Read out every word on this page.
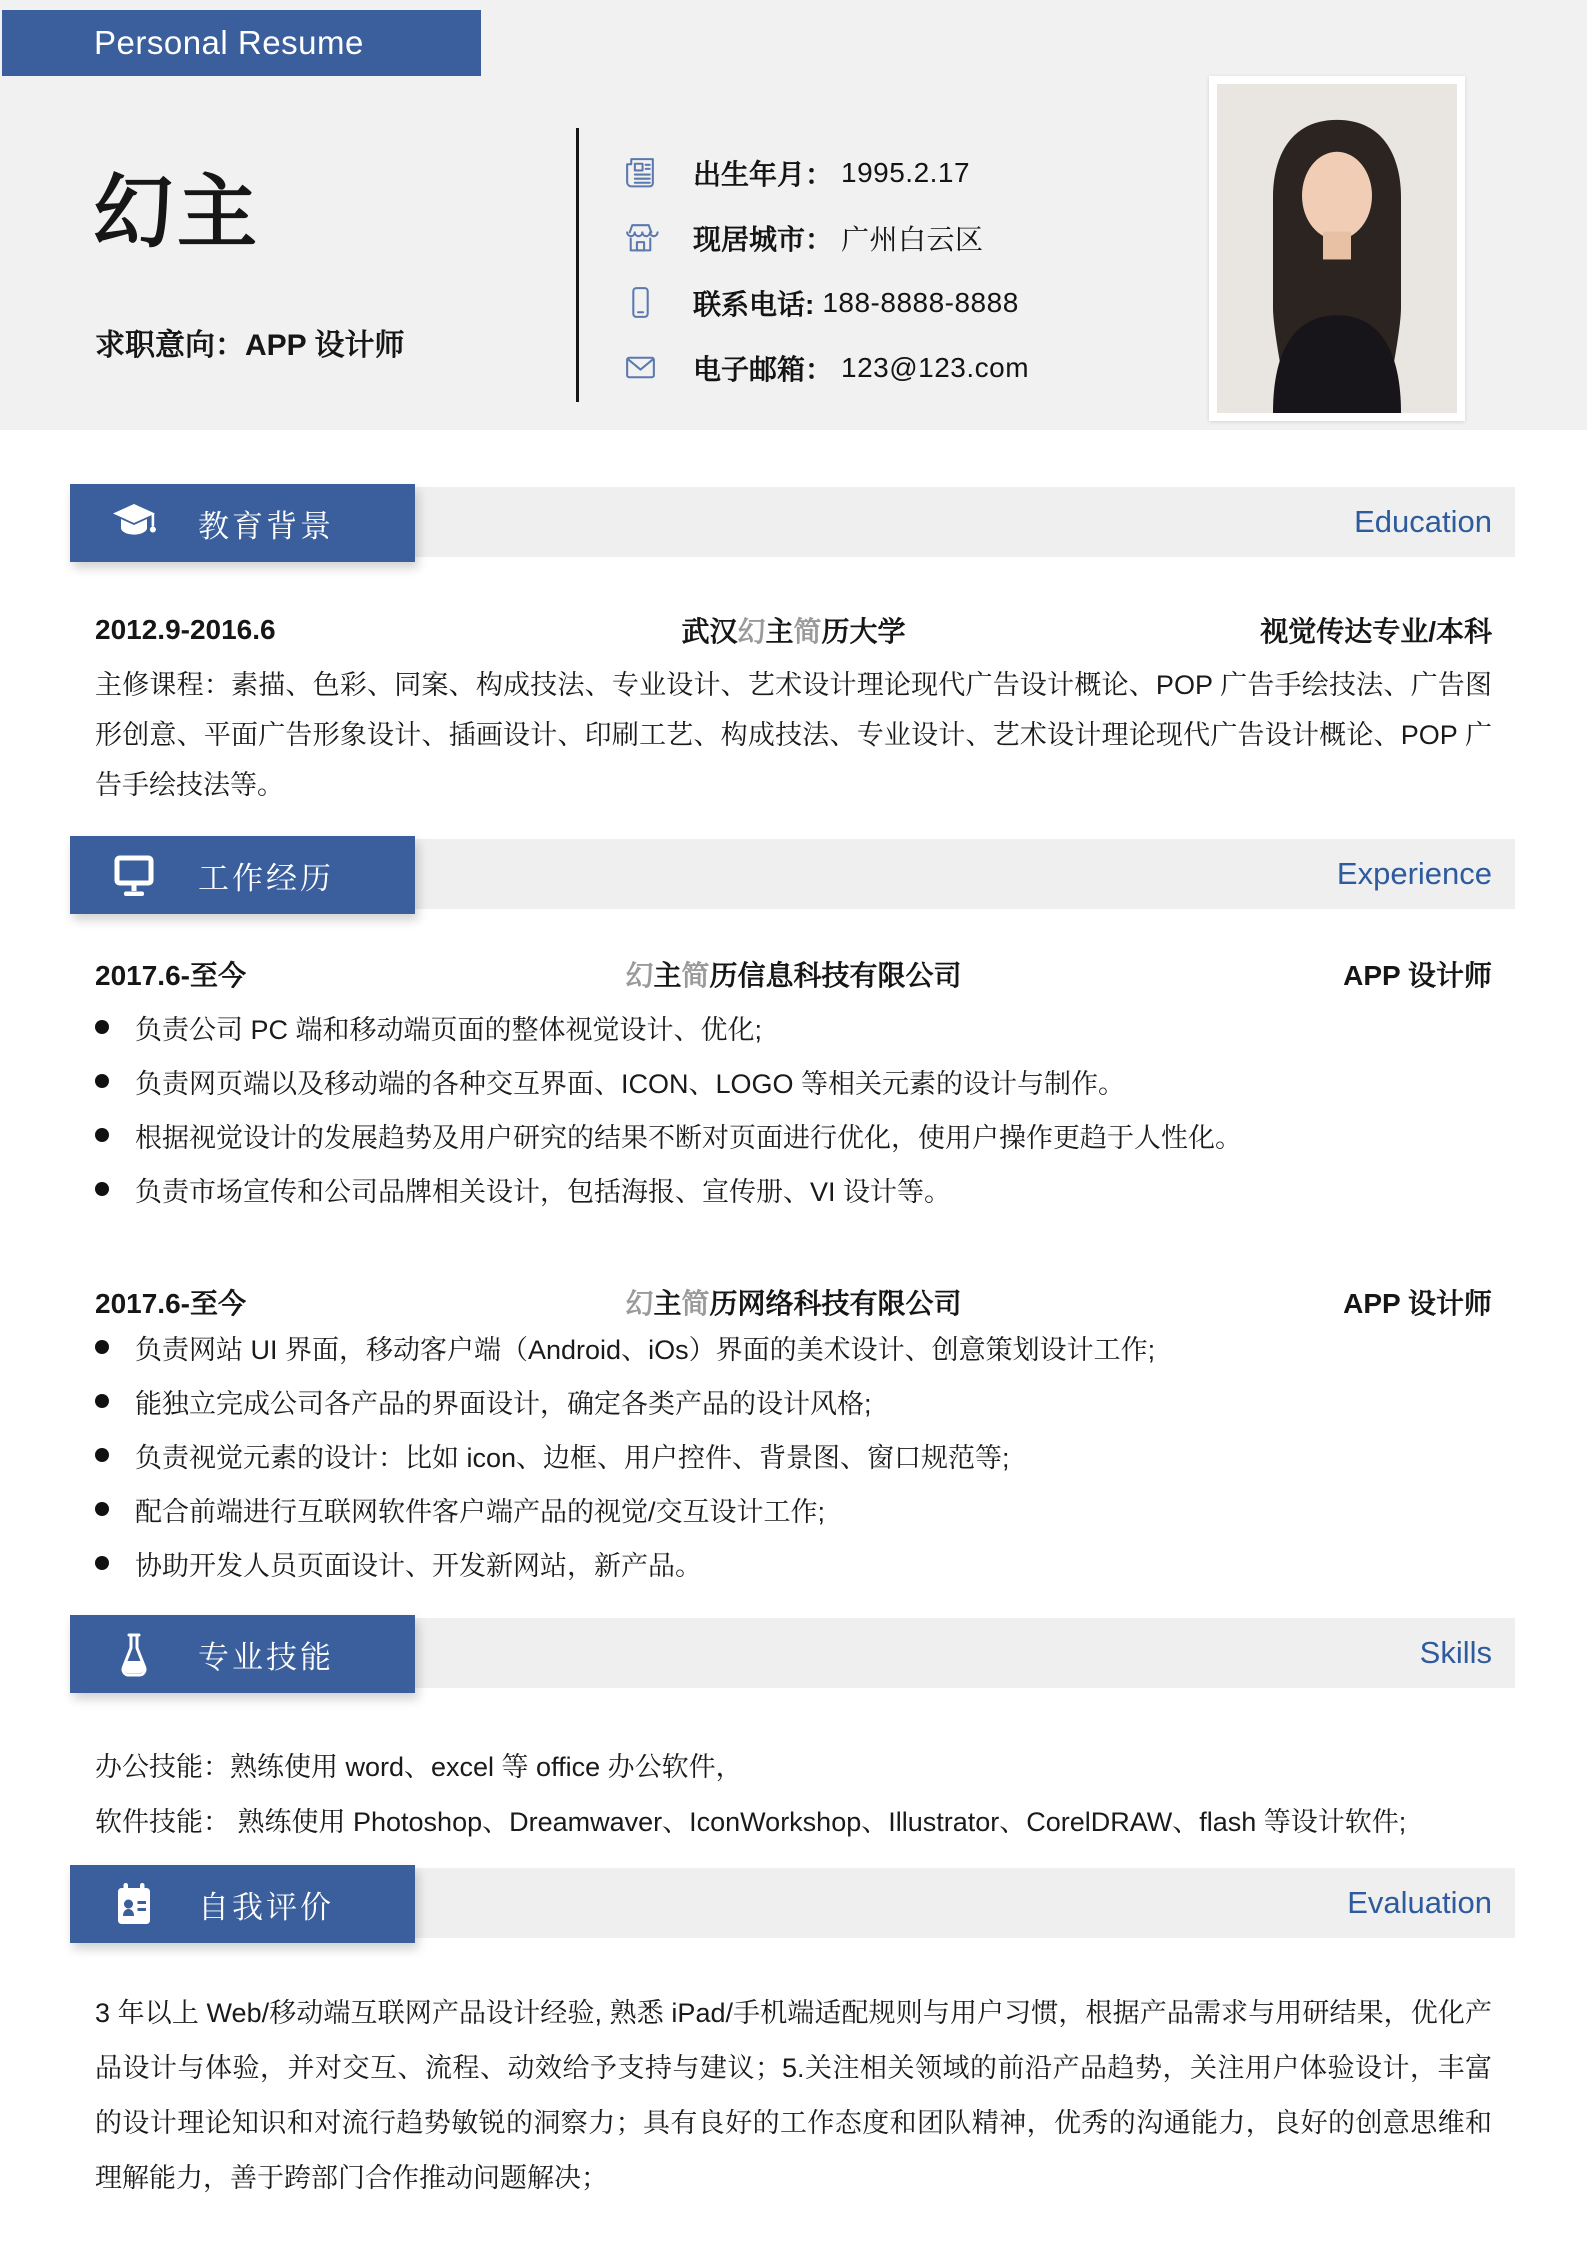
Personal Resume
幻主
求职意向：APP 设计师
出生年月： 1995.2.17
现居城市： 广州白云区
联系电话: 188-8888-8888
电子邮箱： 123@123.com
教育背景	Education
2012.9-2016.6	武汉幻主简历大学	视觉传达专业/本科
主修课程：素描、色彩、同案、构成技法、专业设计、艺术设计理论现代广告设计概论、POP 广告手绘技法、广告图形创意、平面广告形象设计、插画设计、印刷工艺、构成技法、专业设计、艺术设计理论现代广告设计概论、POP 广告手绘技法等。
工作经历	Experience
2017.6-至今	幻主简历信息科技有限公司	APP 设计师
负责公司 PC 端和移动端页面的整体视觉设计、优化;
负责网页端以及移动端的各种交互界面、ICON、LOGO 等相关元素的设计与制作。
根据视觉设计的发展趋势及用户研究的结果不断对页面进行优化，使用户操作更趋于人性化。
负责市场宣传和公司品牌相关设计，包括海报、宣传册、VI 设计等。
2017.6-至今	幻主简历网络科技有限公司	APP 设计师
负责网站 UI 界面，移动客户端（Android、iOs）界面的美术设计、创意策划设计工作;
能独立完成公司各产品的界面设计，确定各类产品的设计风格;
负责视觉元素的设计：比如 icon、边框、用户控件、背景图、窗口规范等;
配合前端进行互联网软件客户端产品的视觉/交互设计工作;
协助开发人员页面设计、开发新网站，新产品。
专业技能	Skills
办公技能：熟练使用 word、excel 等 office 办公软件，
软件技能： 熟练使用 Photoshop、Dreamwaver、IconWorkshop、Illustrator、CorelDRAW、flash 等设计软件;
自我评价	Evaluation
3 年以上 Web/移动端互联网产品设计经验, 熟悉 iPad/手机端适配规则与用户习惯，根据产品需求与用研结果，优化产品设计与体验，并对交互、流程、动效给予支持与建议；5.关注相关领域的前沿产品趋势，关注用户体验设计，丰富的设计理论知识和对流行趋势敏锐的洞察力；具有良好的工作态度和团队精神，优秀的沟通能力，良好的创意思维和理解能力，善于跨部门合作推动问题解决；
